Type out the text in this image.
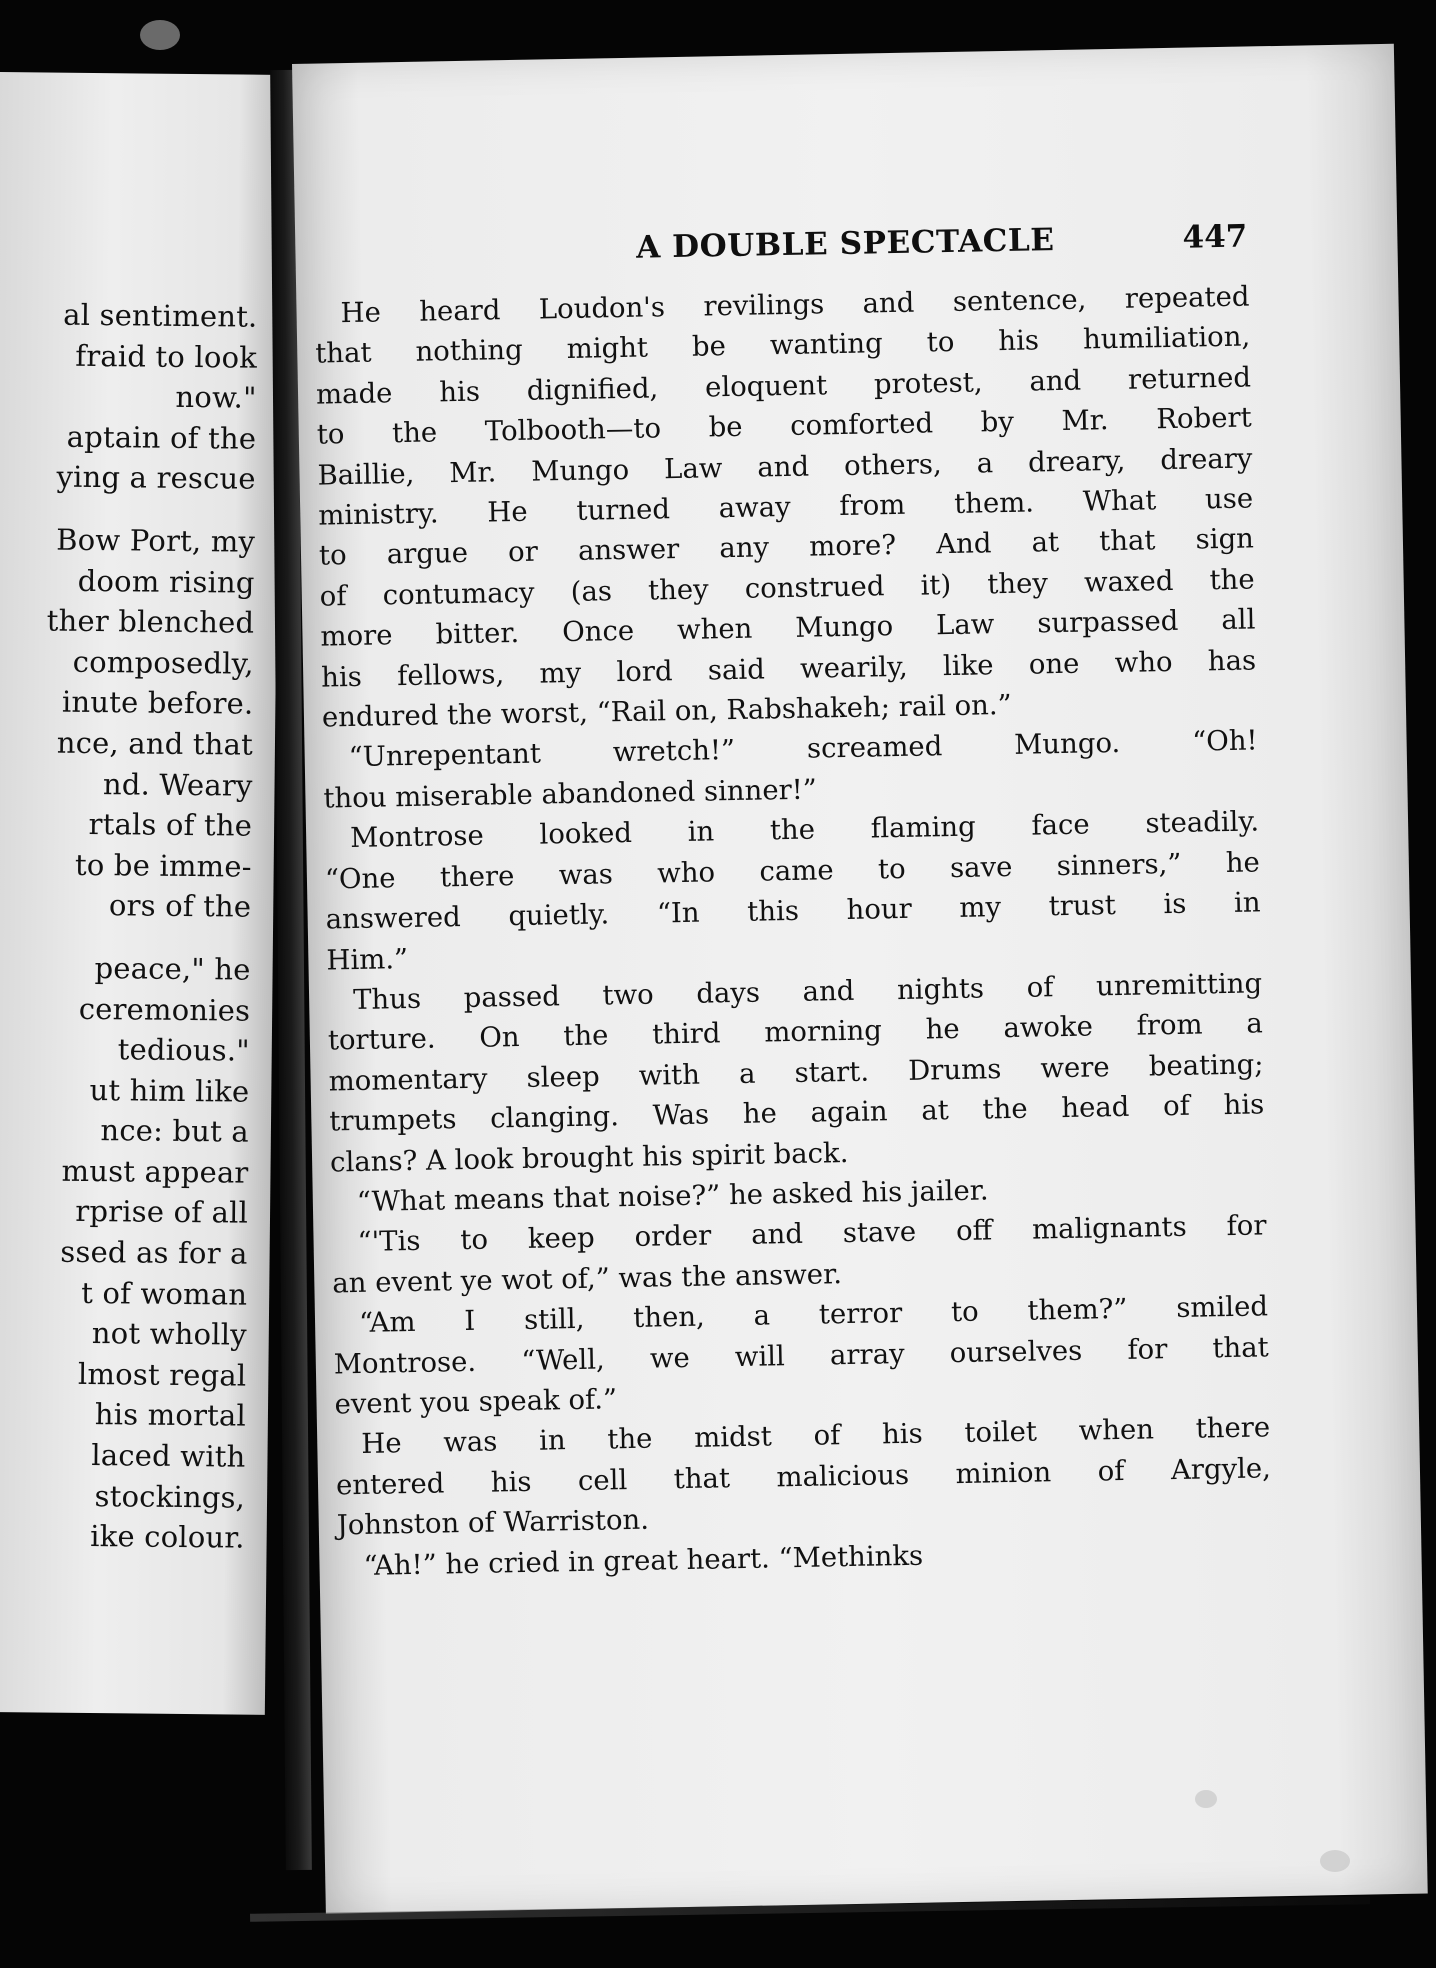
al sentiment.
fraid to look
now."
aptain of the
ying a rescue
Bow Port, my
doom rising
ther blenched
composedly,
inute before.
nce, and that
nd. Weary
rtals of the
to be imme-
ors of the
peace," he
ceremonies
tedious."
ut him like
nce: but a
must appear
rprise of all
ssed as for a
t of woman
not wholly
lmost regal
his mortal
laced with
stockings,
ike colour.
A DOUBLE SPECTACLE	447
He heard Loudon's revilings and sentence, repeated
that nothing might be wanting to his humiliation,
made his dignified, eloquent protest, and returned
to the Tolbooth—to be comforted by Mr. Robert
Baillie, Mr. Mungo Law and others, a dreary, dreary
ministry. He turned away from them. What use
to argue or answer any more? And at that sign
of contumacy (as they construed it) they waxed the
more bitter. Once when Mungo Law surpassed all
his fellows, my lord said wearily, like one who has
endured the worst, “Rail on, Rabshakeh; rail on.”
“Unrepentant wretch!” screamed Mungo. “Oh!
thou miserable abandoned sinner!”
Montrose looked in the flaming face steadily.
“One there was who came to save sinners,” he
answered quietly. “In this hour my trust is in
Him.”
Thus passed two days and nights of unremitting
torture. On the third morning he awoke from a
momentary sleep with a start. Drums were beating;
trumpets clanging. Was he again at the head of his
clans? A look brought his spirit back.
“What means that noise?” he asked his jailer.
“'Tis to keep order and stave off malignants for
an event ye wot of,” was the answer.
“Am I still, then, a terror to them?” smiled
Montrose. “Well, we will array ourselves for that
event you speak of.”
He was in the midst of his toilet when there
entered his cell that malicious minion of Argyle,
Johnston of Warriston.
“Ah!” he cried in great heart. “Methinks
